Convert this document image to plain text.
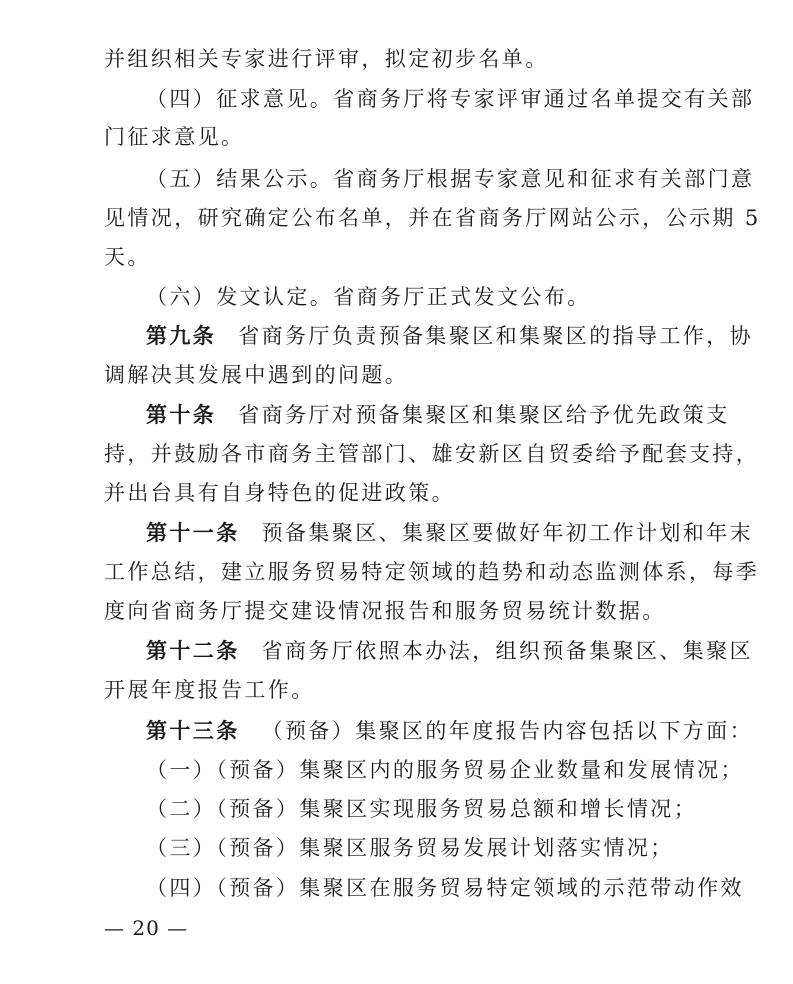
并组织相关专家进行评审，拟定初步名单。
（四）征求意见。省商务厅将专家评审通过名单提交有关部
门征求意见。
（五）结果公示。省商务厅根据专家意见和征求有关部门意
见情况，研究确定公布名单，并在省商务厅网站公示，公示期 5
天。
（六）发文认定。省商务厅正式发文公布。
第九条 省商务厅负责预备集聚区和集聚区的指导工作，协
调解决其发展中遇到的问题。
第十条 省商务厅对预备集聚区和集聚区给予优先政策支
持，并鼓励各市商务主管部门、雄安新区自贸委给予配套支持，
并出台具有自身特色的促进政策。
第十一条 预备集聚区、集聚区要做好年初工作计划和年末
工作总结，建立服务贸易特定领域的趋势和动态监测体系，每季
度向省商务厅提交建设情况报告和服务贸易统计数据。
第十二条 省商务厅依照本办法，组织预备集聚区、集聚区
开展年度报告工作。
第十三条 （预备）集聚区的年度报告内容包括以下方面：
（一）（预备）集聚区内的服务贸易企业数量和发展情况；
（二）（预备）集聚区实现服务贸易总额和增长情况；
（三）（预备）集聚区服务贸易发展计划落实情况；
（四）（预备）集聚区在服务贸易特定领域的示范带动作效
— 20 —
